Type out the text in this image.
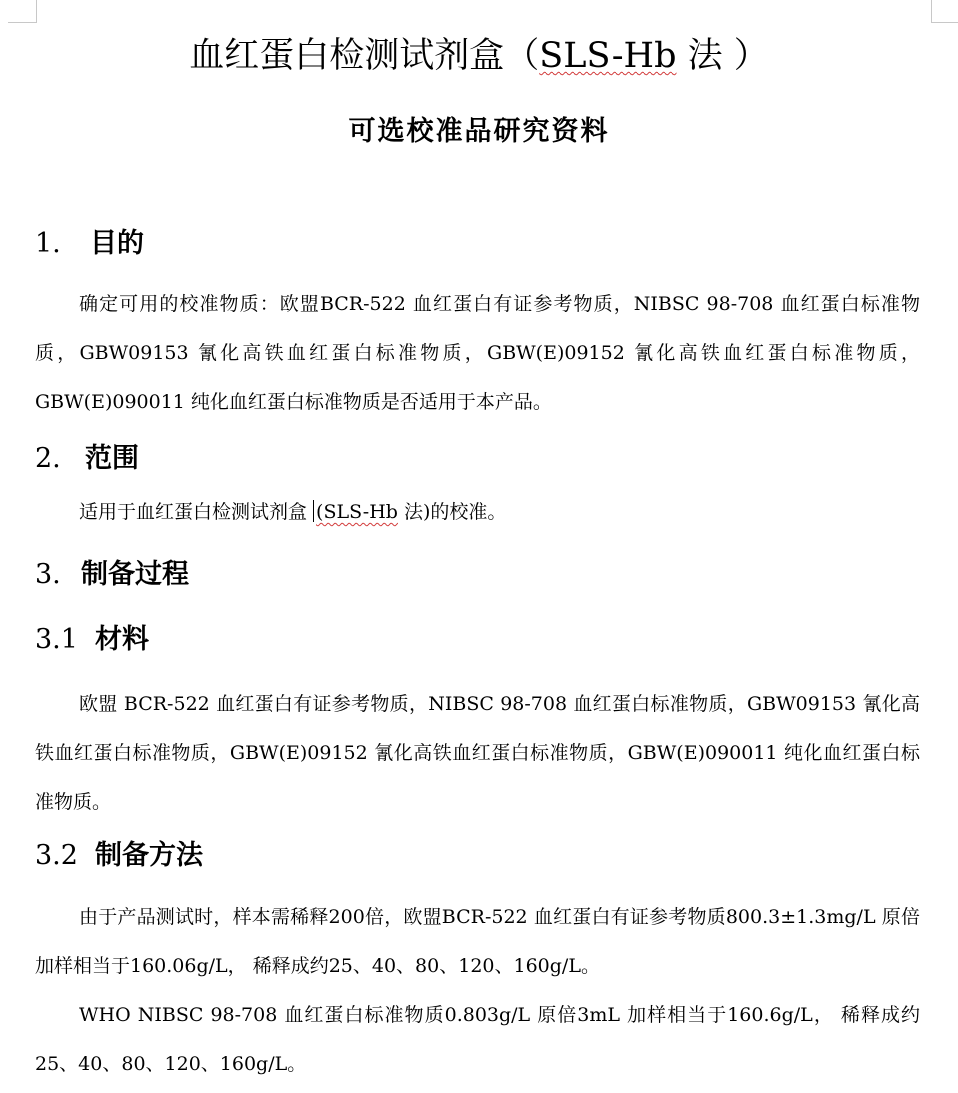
血红蛋白检测试剂盒（SLS-Hb 法 ）
可选校准品研究资料
1. 目的

确定可用的校准物质：欧盟BCR-522 血红蛋白有证参考物质，NIBSC 98-708 血红蛋白标准物质，GBW09153 氰化高铁血红蛋白标准物质，GBW(E)09152 氰化高铁血红蛋白标准物质，GBW(E)090011 纯化血红蛋白标准物质是否适用于本产品。

2. 范围

适用于血红蛋白检测试剂盒 (SLS-Hb 法)的校准。

3. 制备过程
3.1 材料

欧盟 BCR-522 血红蛋白有证参考物质，NIBSC 98-708 血红蛋白标准物质，GBW09153 氰化高铁血红蛋白标准物质，GBW(E)09152 氰化高铁血红蛋白标准物质，GBW(E)090011 纯化血红蛋白标准物质。

3.2 制备方法

由于产品测试时，样本需稀释200倍，欧盟BCR-522 血红蛋白有证参考物质800.3±1.3mg/L 原倍加样相当于160.06g/L， 稀释成约25、40、80、120、160g/L。

WHO NIBSC 98-708 血红蛋白标准物质0.803g/L 原倍3mL 加样相当于160.6g/L， 稀释成约25、40、80、120、160g/L。
